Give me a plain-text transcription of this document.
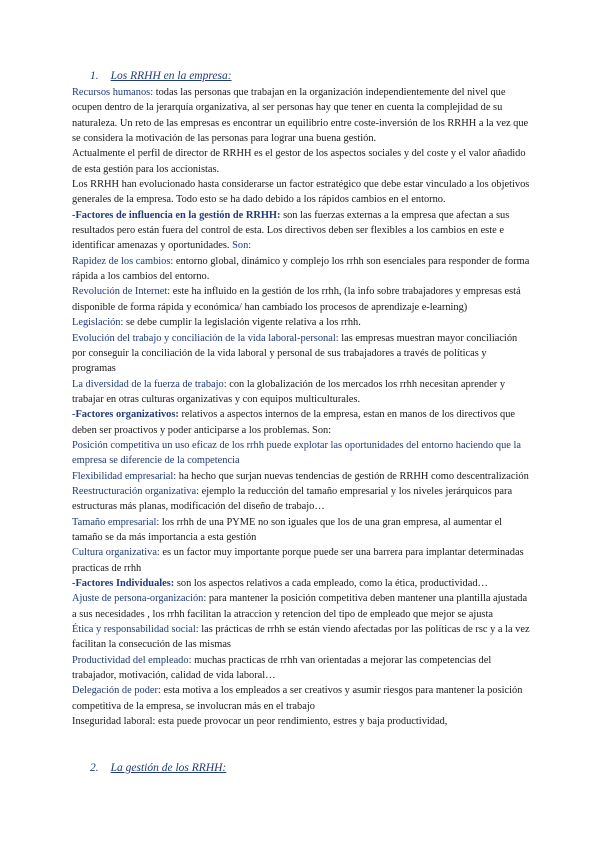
1. Los RRHH en la empresa:

Recursos humanos: todas las personas que trabajan en la organización independientemente del nivel que ocupen dentro de la jerarquía organizativa, al ser personas hay que tener en cuenta la complejidad de su naturaleza. Un reto de las empresas es encontrar un equilibrio entre coste-inversión de los RRHH a la vez que se considera la motivación de las personas para lograr una buena gestión.

Actualmente el perfil de director de RRHH es el gestor de los aspectos sociales y del coste y el valor añadido de esta gestión para los accionistas.

Los RRHH han evolucionado hasta considerarse un factor estratégico que debe estar vinculado a los objetivos generales de la empresa. Todo esto se ha dado debido a los rápidos cambios en el entorno.

-Factores de influencia en la gestión de RRHH: son las fuerzas externas a la empresa que afectan a sus resultados pero están fuera del control de esta. Los directivos deben ser flexibles a los cambios en este e identificar amenazas y oportunidades. Son:

Rapidez de los cambios: entorno global, dinámico y complejo los rrhh son esenciales para responder de forma rápida a los cambios del entorno.

Revolución de Internet: este ha influido en la gestión de los rrhh, (la info sobre trabajadores y empresas está disponible de forma rápida y económica/ han cambiado los procesos de aprendizaje e-learning)

Legislación: se debe cumplir la legislación vigente relativa a los rrhh.

Evolución del trabajo y conciliación de la vida laboral-personal: las empresas muestran mayor conciliación por conseguir la conciliación de la vida laboral y personal de sus trabajadores a través de políticas y programas

La diversidad de la fuerza de trabajo: con la globalización de los mercados los rrhh necesitan aprender y trabajar en otras culturas organizativas y con equipos multiculturales.

-Factores organizativos: relativos a aspectos internos de la empresa, estan en manos de los directivos que deben ser proactivos y poder anticiparse a los problemas. Son:

Posición competitiva un uso eficaz de los rrhh puede explotar las oportunidades del entorno haciendo que la empresa se diferencie de la competencia

Flexibilidad empresarial: ha hecho que surjan nuevas tendencias de gestión de RRHH como descentralización

Reestructuración organizativa: ejemplo la reducción del tamaño empresarial y los niveles jerárquicos para estructuras más planas, modificación del diseño de trabajo…

Tamaño empresarial: los rrhh de una PYME no son iguales que los de una gran empresa, al aumentar el tamaño se da más importancia a esta gestión

Cultura organizativa: es un factor muy importante porque puede ser una barrera para implantar determinadas practicas de rrhh

-Factores Individuales: son los aspectos relativos a cada empleado, como la ética, productividad…

Ajuste de persona-organización: para mantener la posición competitiva deben mantener una plantilla ajustada a sus necesidades , los rrhh facilitan la atraccion y retencion del tipo de empleado que mejor se ajusta

Ética y responsabilidad social: las prácticas de rrhh se están viendo afectadas por las políticas de rsc y a la vez facilitan la consecución de las mismas

Productividad del empleado: muchas practicas de rrhh van orientadas a mejorar las competencias del trabajador, motivación, calidad de vida laboral…

Delegación de poder: esta motiva a los empleados a ser creativos y asumir riesgos para mantener la posición competitiva de la empresa, se involucran más en el trabajo

Inseguridad laboral: esta puede provocar un peor rendimiento, estres y baja productividad,

2. La gestión de los RRHH:
